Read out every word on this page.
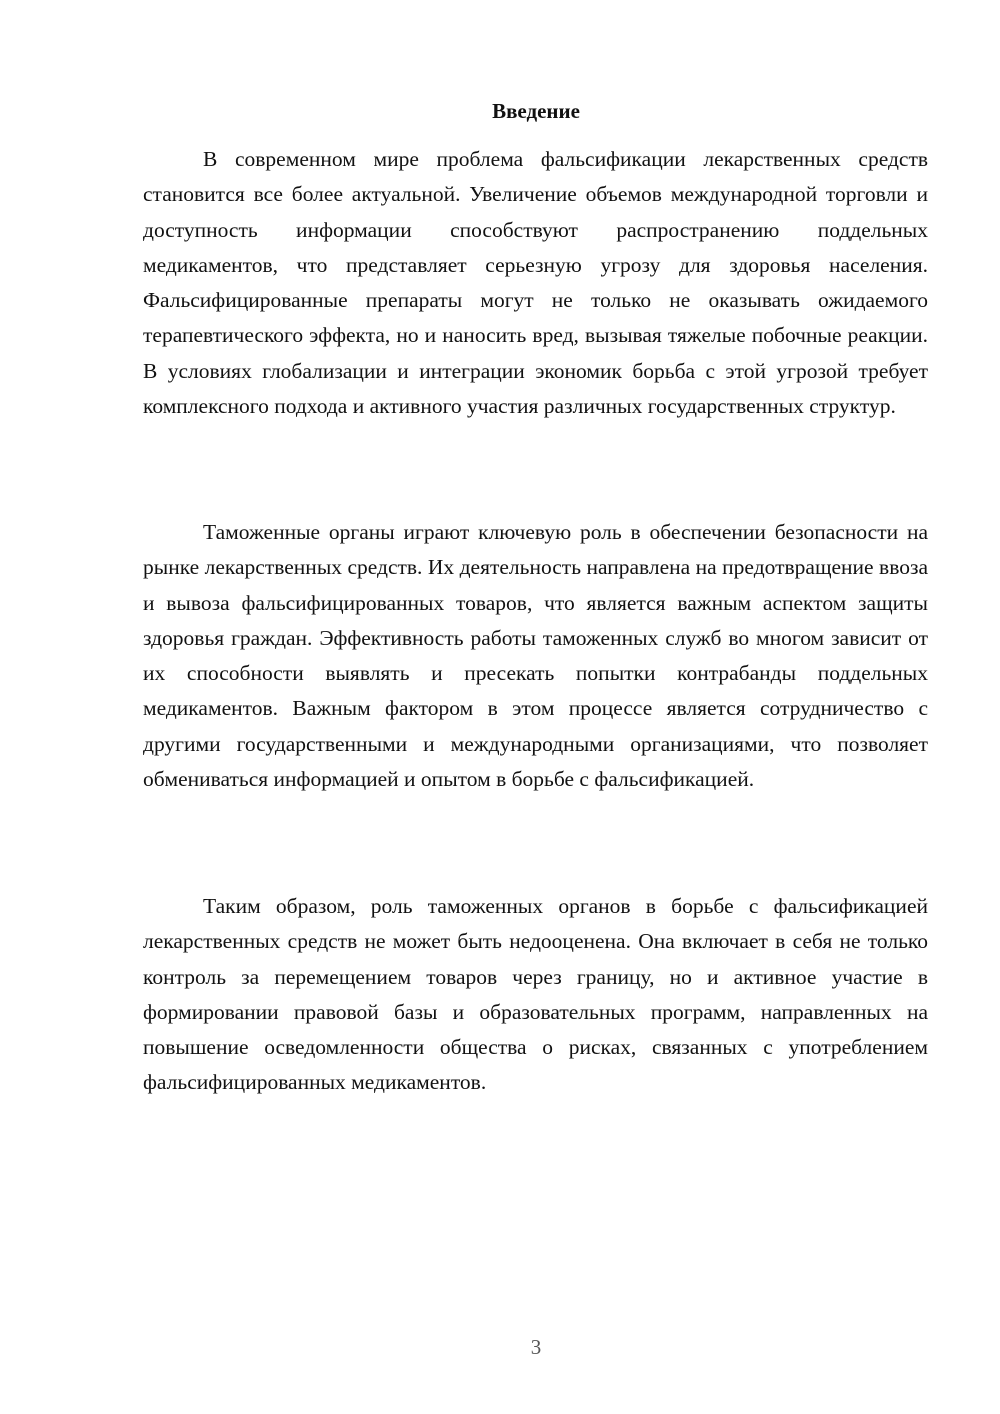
Введение

В современном мире проблема фальсификации лекарственных средств становится все более актуальной. Увеличение объемов международной торговли и доступность информации способствуют распространению поддельных медикаментов, что представляет серьезную угрозу для здоровья населения. Фальсифицированные препараты могут не только не оказывать ожидаемого терапевтического эффекта, но и наносить вред, вызывая тяжелые побочные реакции. В условиях глобализации и интеграции экономик борьба с этой угрозой требует комплексного подхода и активного участия различных государственных структур.

Таможенные органы играют ключевую роль в обеспечении безопасности на рынке лекарственных средств. Их деятельность направлена на предотвращение ввоза и вывоза фальсифицированных товаров, что является важным аспектом защиты здоровья граждан. Эффективность работы таможенных служб во многом зависит от их способности выявлять и пресекать попытки контрабанды поддельных медикаментов. Важным фактором в этом процессе является сотрудничество с другими государственными и международными организациями, что позволяет обмениваться информацией и опытом в борьбе с фальсификацией.

Таким образом, роль таможенных органов в борьбе с фальсификацией лекарственных средств не может быть недооценена. Она включает в себя не только контроль за перемещением товаров через границу, но и активное участие в формировании правовой базы и образовательных программ, направленных на повышение осведомленности общества о рисках, связанных с употреблением фальсифицированных медикаментов.

3
